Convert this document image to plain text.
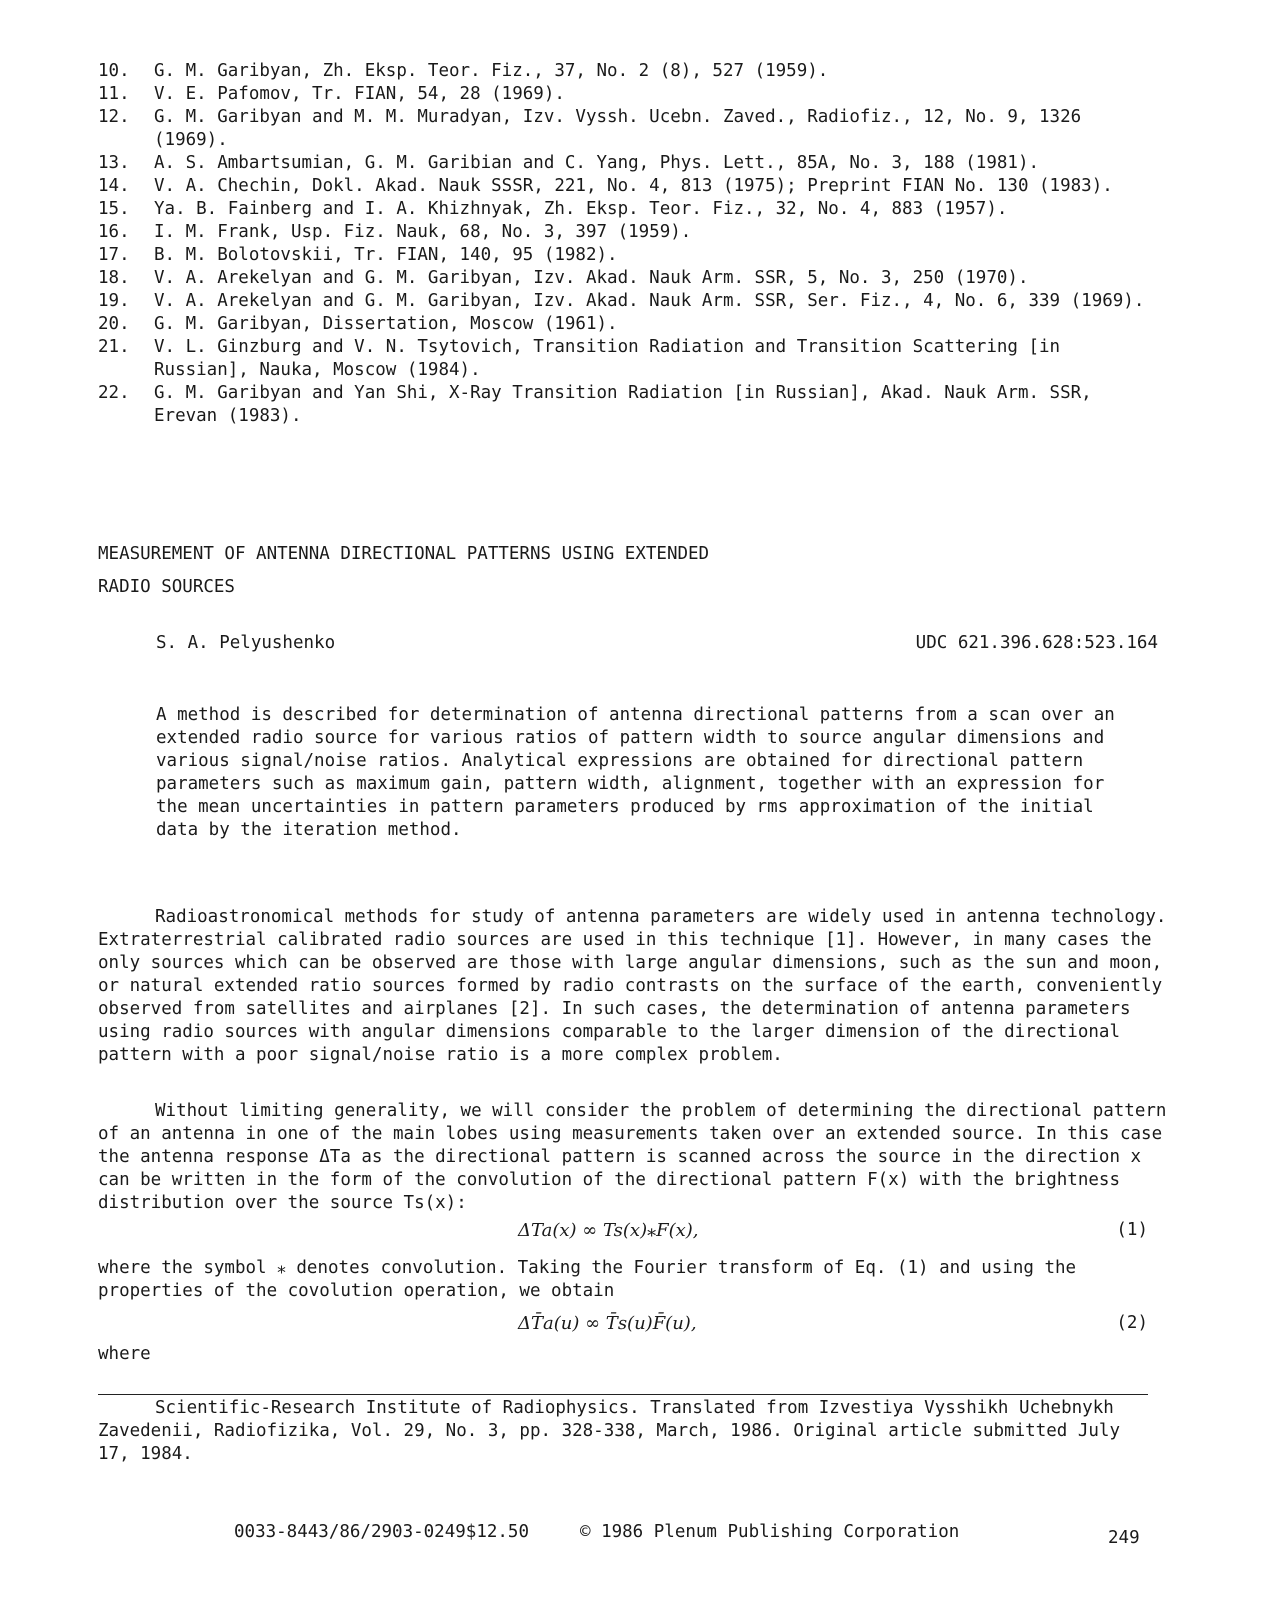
10.	G. M. Garibyan, Zh. Eksp. Teor. Fiz., 37, No. 2 (8), 527 (1959).
11.	V. E. Pafomov, Tr. FIAN, 54, 28 (1969).
12.	G. M. Garibyan and M. M. Muradyan, Izv. Vyssh. Ucebn. Zaved., Radiofiz., 12, No. 9, 1326 (1969).
13.	A. S. Ambartsumian, G. M. Garibian and C. Yang, Phys. Lett., 85A, No. 3, 188 (1981).
14.	V. A. Chechin, Dokl. Akad. Nauk SSSR, 221, No. 4, 813 (1975); Preprint FIAN No. 130 (1983).
15.	Ya. B. Fainberg and I. A. Khizhnyak, Zh. Eksp. Teor. Fiz., 32, No. 4, 883 (1957).
16.	I. M. Frank, Usp. Fiz. Nauk, 68, No. 3, 397 (1959).
17.	B. M. Bolotovskii, Tr. FIAN, 140, 95 (1982).
18.	V. A. Arekelyan and G. M. Garibyan, Izv. Akad. Nauk Arm. SSR, 5, No. 3, 250 (1970).
19.	V. A. Arekelyan and G. M. Garibyan, Izv. Akad. Nauk Arm. SSR, Ser. Fiz., 4, No. 6, 339 (1969).
20.	G. M. Garibyan, Dissertation, Moscow (1961).
21.	V. L. Ginzburg and V. N. Tsytovich, Transition Radiation and Transition Scattering [in Russian], Nauka, Moscow (1984).
22.	G. M. Garibyan and Yan Shi, X-Ray Transition Radiation [in Russian], Akad. Nauk Arm. SSR, Erevan (1983).
MEASUREMENT OF ANTENNA DIRECTIONAL PATTERNS USING EXTENDED
RADIO SOURCES
S. A. Pelyushenko	UDC 621.396.628:523.164

A method is described for determination of antenna directional patterns from a scan over an extended radio source for various ratios of pattern width to source angular dimensions and various signal/noise ratios. Analytical expressions are obtained for directional pattern parameters such as maximum gain, pattern width, alignment, together with an expression for the mean uncertainties in pattern parameters produced by rms approximation of the initial data by the iteration method.

Radioastronomical methods for study of antenna parameters are widely used in antenna technology. Extraterrestrial calibrated radio sources are used in this technique [1]. However, in many cases the only sources which can be observed are those with large angular dimensions, such as the sun and moon, or natural extended ratio sources formed by radio contrasts on the surface of the earth, conveniently observed from satellites and airplanes [2]. In such cases, the determination of antenna parameters using radio sources with angular dimensions comparable to the larger dimension of the directional pattern with a poor signal/noise ratio is a more complex problem.

Without limiting generality, we will consider the problem of determining the directional pattern of an antenna in one of the main lobes using measurements taken over an extended source. In this case the antenna response ΔTa as the directional pattern is scanned across the source in the direction x can be written in the form of the convolution of the directional pattern F(x) with the brightness distribution over the source Ts(x):

ΔTa(x) ∞ Ts(x)⁎F(x),	(1)

where the symbol ⁎ denotes convolution. Taking the Fourier transform of Eq. (1) and using the properties of the covolution operation, we obtain

ΔT̄a(u) ∞ T̄s(u)F̄(u),	(2)

where

Scientific-Research Institute of Radiophysics. Translated from Izvestiya Vysshikh Uchebnykh Zavedenii, Radiofizika, Vol. 29, No. 3, pp. 328-338, March, 1986. Original article submitted July 17, 1984.

0033-8443/86/2903-0249$12.50	© 1986 Plenum Publishing Corporation	249
